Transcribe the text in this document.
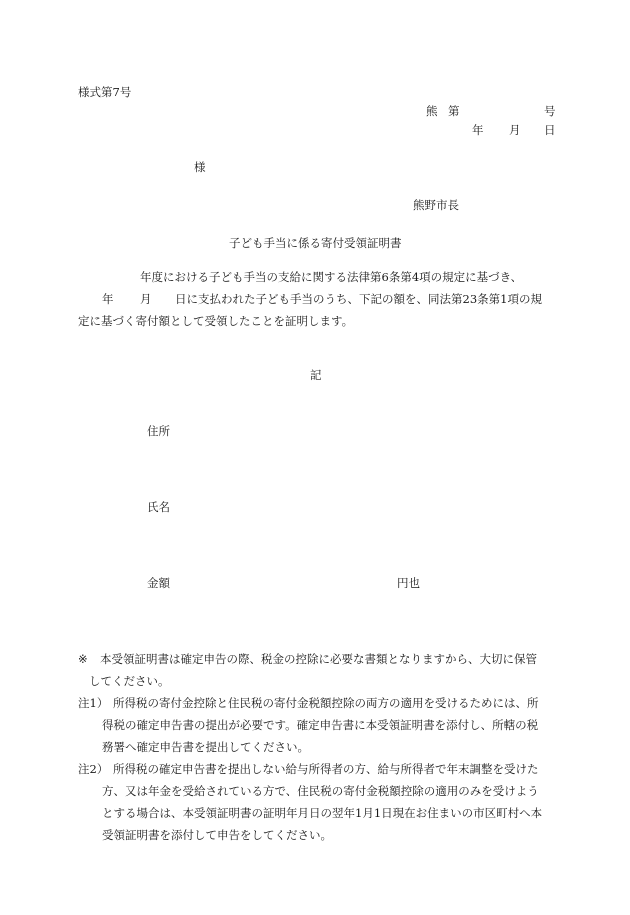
様式第7号
熊 第	号
年 月 日
様
熊野市長
子ども手当に係る寄付受領証明書
年度における子ども手当の支給に関する法律第6条第4項の規定に基づき、
年 月 日に支払われた子ども手当のうち、下記の額を、同法第23条第1項の規
定に基づく寄付額として受領したことを証明します。
記
住所
氏名
金額	円也
※ 本受領証明書は確定申告の際、税金の控除に必要な書類となりますから、大切に保管
してください。
注1） 所得税の寄付金控除と住民税の寄付金税額控除の両方の適用を受けるためには、所
得税の確定申告書の提出が必要です。確定申告書に本受領証明書を添付し、所轄の税
務署へ確定申告書を提出してください。
注2） 所得税の確定申告書を提出しない給与所得者の方、給与所得者で年末調整を受けた
方、又は年金を受給されている方で、住民税の寄付金税額控除の適用のみを受けよう
とする場合は、本受領証明書の証明年月日の翌年1月1日現在お住まいの市区町村へ本
受領証明書を添付して申告をしてください。
